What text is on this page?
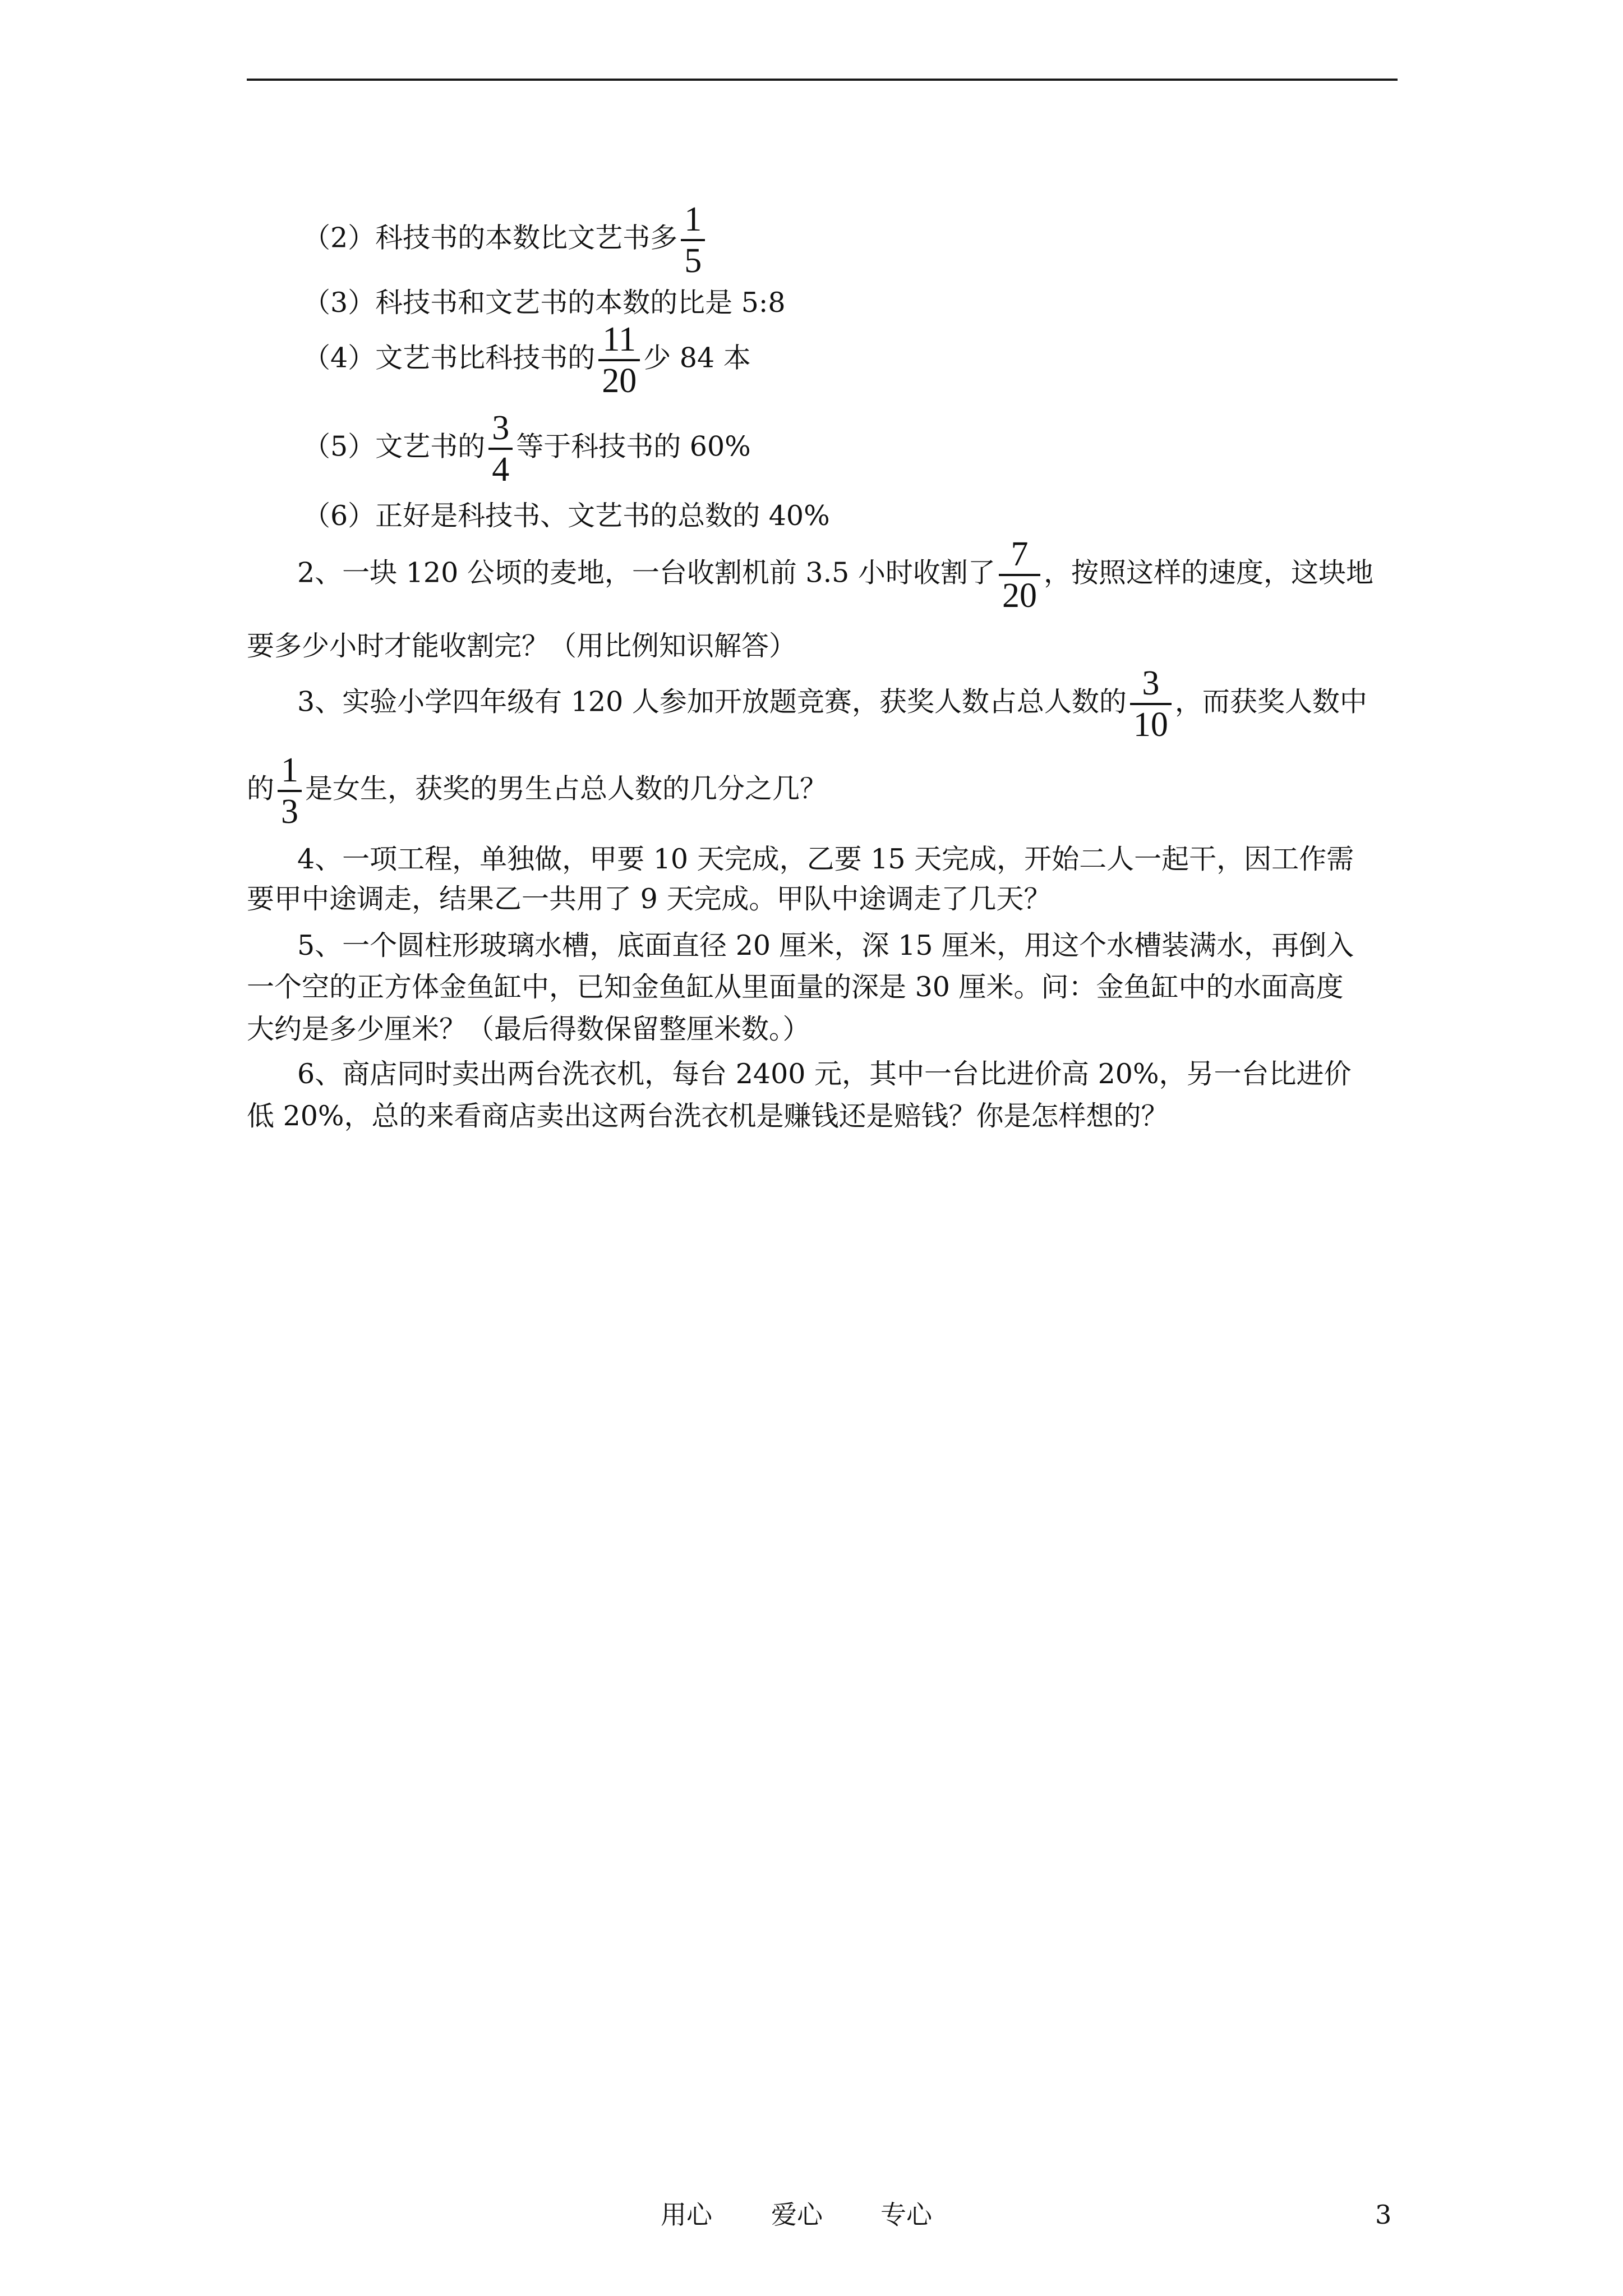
（2）科技书的本数比文艺书多 $\frac{1}{5}$
（3）科技书和文艺书的本数的比是 5:8
（4）文艺书比科技书的 $\frac{11}{20}$ 少 84 本
（5）文艺书的 $\frac{3}{4}$ 等于科技书的 60%
（6）正好是科技书、文艺书的总数的 40%
2、一块 120 公顷的麦地，一台收割机前 3.5 小时收割了 $\frac{7}{20}$ ，按照这样的速度，这块地
要多少小时才能收割完？（用比例知识解答）
3、实验小学四年级有 120 人参加开放题竞赛，获奖人数占总人数的 $\frac{3}{10}$ ，而获奖人数中
的 $\frac{1}{3}$ 是女生，获奖的男生占总人数的几分之几？
4、一项工程，单独做，甲要 10 天完成，乙要 15 天完成，开始二人一起干，因工作需
要甲中途调走，结果乙一共用了 9 天完成。甲队中途调走了几天？
5、一个圆柱形玻璃水槽，底面直径 20 厘米，深 15 厘米，用这个水槽装满水，再倒入
一个空的正方体金鱼缸中，已知金鱼缸从里面量的深是 30 厘米。问：金鱼缸中的水面高度
大约是多少厘米？（最后得数保留整厘米数。）
6、商店同时卖出两台洗衣机，每台 2400 元，其中一台比进价高 20%，另一台比进价
低 20%，总的来看商店卖出这两台洗衣机是赚钱还是赔钱？你是怎样想的？
用心 爱心 专心	3
